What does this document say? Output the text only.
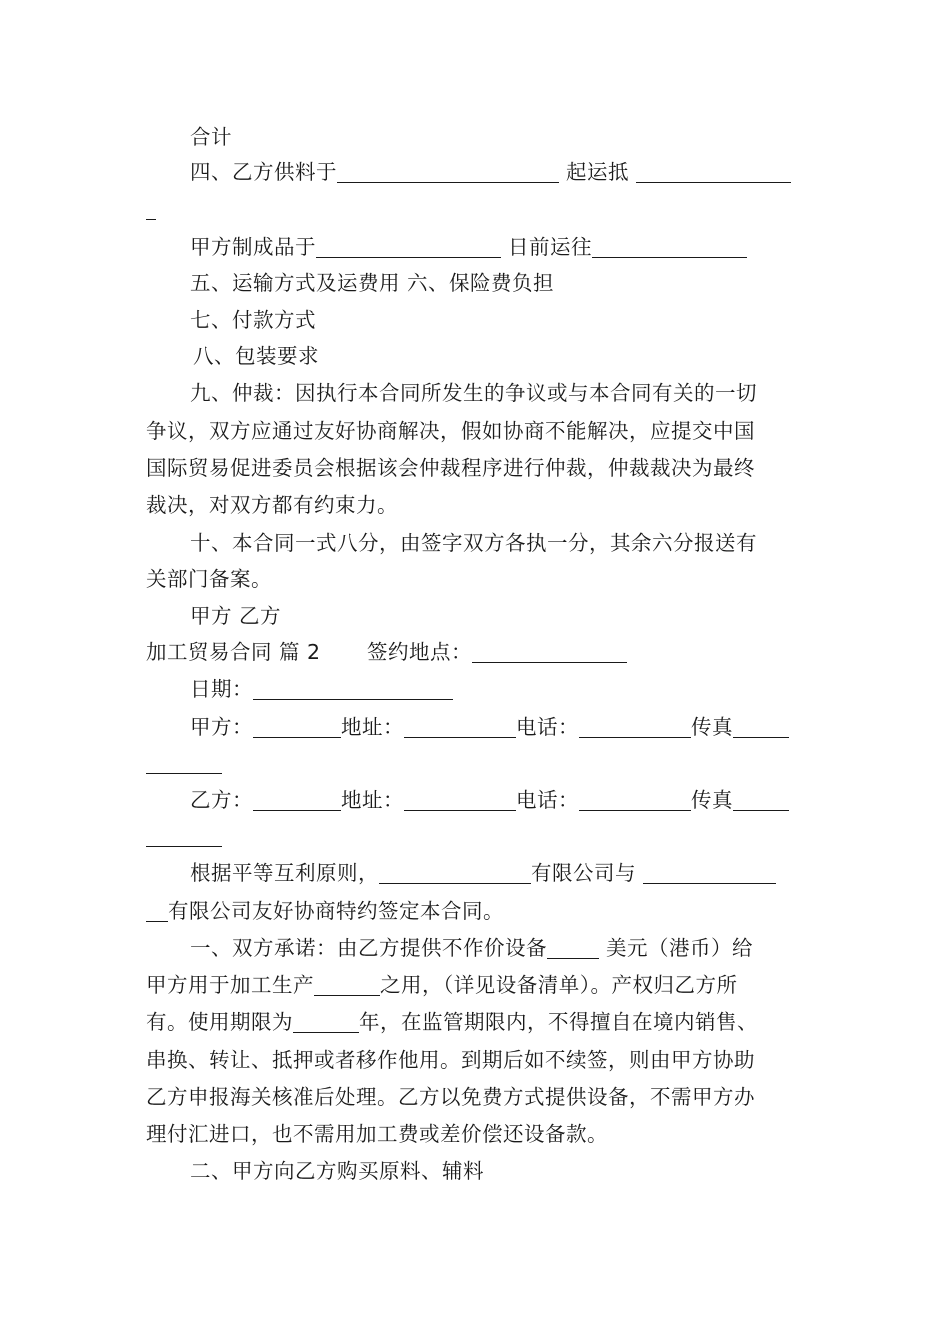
合计
四、乙方供料于	起运抵
甲方制成品于	日前运往
五、运输方式及运费用 六、保险费负担
七、付款方式
八、包装要求
九、仲裁：因执行本合同所发生的争议或与本合同有关的一切
争议，双方应通过友好协商解决，假如协商不能解决，应提交中国
国际贸易促进委员会根据该会仲裁程序进行仲裁，仲裁裁决为最终
裁决，对双方都有约束力。
十、本合同一式八分，由签字双方各执一分，其余六分报送有
关部门备案。
甲方 乙方
加工贸易合同 篇 2 签约地点：
日期：
甲方：	地址：	电话：	传真
乙方：	地址：	电话：	传真
根据平等互利原则，	有限公司与
有限公司友好协商特约签定本合同。
一、双方承诺：由乙方提供不作价设备	美元（港币）给
甲方用于加工生产	之用，（详见设备清单）。产权归乙方所
有。使用期限为	年，在监管期限内，不得擅自在境内销售、
串换、转让、抵押或者移作他用。到期后如不续签，则由甲方协助
乙方申报海关核准后处理。乙方以免费方式提供设备，不需甲方办
理付汇进口，也不需用加工费或差价偿还设备款。
二、甲方向乙方购买原料、辅料
